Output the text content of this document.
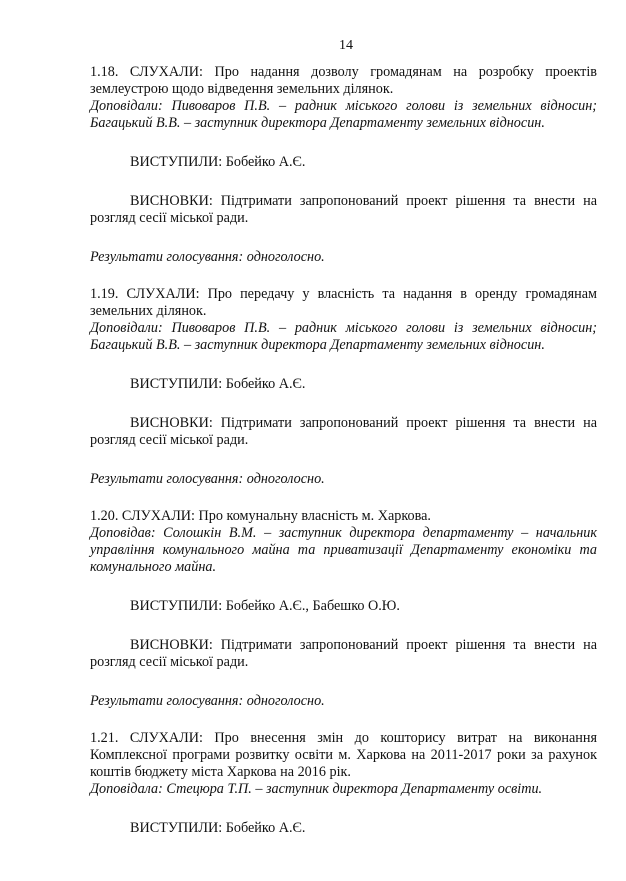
14

1.18. СЛУХАЛИ: Про надання дозволу громадянам на розробку проектів землеустрою щодо відведення земельних ділянок.

Доповідали: Пивоваров П.В. – радник міського голови із земельних відносин; Багацький В.В. – заступник директора Департаменту земельних відносин.

ВИСТУПИЛИ: Бобейко А.Є.

ВИСНОВКИ: Підтримати запропонований проект рішення та внести на розгляд сесії міської ради.

Результати голосування: одноголосно.

1.19. СЛУХАЛИ: Про передачу у власність та надання в оренду громадянам земельних ділянок.

Доповідали: Пивоваров П.В. – радник міського голови із земельних відносин; Багацький В.В. – заступник директора Департаменту земельних відносин.

ВИСТУПИЛИ: Бобейко А.Є.

ВИСНОВКИ: Підтримати запропонований проект рішення та внести на розгляд сесії міської ради.

Результати голосування: одноголосно.

1.20. СЛУХАЛИ: Про комунальну власність м. Харкова.

Доповідав: Солошкін В.М. – заступник директора департаменту – начальник управління комунального майна та приватизації Департаменту економіки та комунального майна.

ВИСТУПИЛИ: Бобейко А.Є., Бабешко О.Ю.

ВИСНОВКИ: Підтримати запропонований проект рішення та внести на розгляд сесії міської ради.

Результати голосування: одноголосно.

1.21. СЛУХАЛИ: Про внесення змін до кошторису витрат на виконання Комплексної програми розвитку освіти м. Харкова на 2011-2017 роки за рахунок коштів бюджету міста Харкова на 2016 рік.

Доповідала: Стецюра Т.П. – заступник директора Департаменту освіти.

ВИСТУПИЛИ: Бобейко А.Є.
